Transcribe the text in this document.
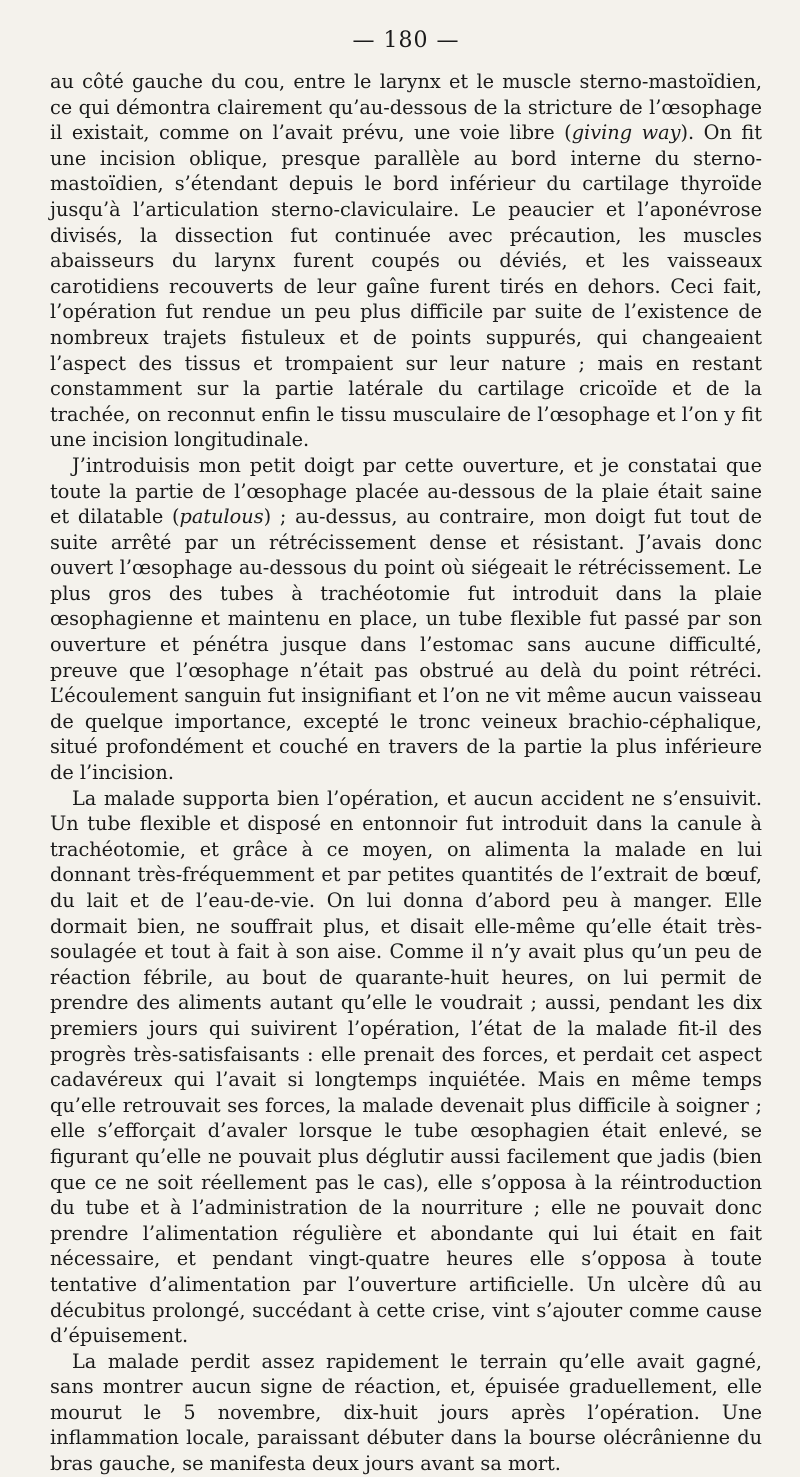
— 180 —

au côté gauche du cou, entre le larynx et le muscle sterno-mastoïdien, ce qui démontra clairement qu’au-dessous de la stricture de l’œsophage il existait, comme on l’avait prévu, une voie libre (giving way). On fit une incision oblique, presque parallèle au bord interne du sterno-mastoïdien, s’étendant depuis le bord inférieur du cartilage thyroïde jusqu’à l’articulation sterno-claviculaire. Le peaucier et l’aponévrose divisés, la dissection fut continuée avec précaution, les muscles abaisseurs du larynx furent coupés ou déviés, et les vaisseaux carotidiens recouverts de leur gaîne furent tirés en dehors. Ceci fait, l’opération fut rendue un peu plus difficile par suite de l’existence de nombreux trajets fistuleux et de points suppurés, qui changeaient l’aspect des tissus et trompaient sur leur nature ; mais en restant constamment sur la partie latérale du cartilage cricoïde et de la trachée, on reconnut enfin le tissu musculaire de l’œsophage et l’on y fit une incision longitudinale.

J’introduisis mon petit doigt par cette ouverture, et je constatai que toute la partie de l’œsophage placée au-dessous de la plaie était saine et dilatable (patulous) ; au-dessus, au contraire, mon doigt fut tout de suite arrêté par un rétrécissement dense et résistant. J’avais donc ouvert l’œsophage au-dessous du point où siégeait le rétrécissement. Le plus gros des tubes à trachéotomie fut introduit dans la plaie œsophagienne et maintenu en place, un tube flexible fut passé par son ouverture et pénétra jusque dans l’estomac sans aucune difficulté, preuve que l’œsophage n’était pas obstrué au delà du point rétréci. L’écoulement sanguin fut insignifiant et l’on ne vit même aucun vaisseau de quelque importance, excepté le tronc veineux brachio-céphalique, situé profondément et couché en travers de la partie la plus inférieure de l’incision.

La malade supporta bien l’opération, et aucun accident ne s’ensuivit. Un tube flexible et disposé en entonnoir fut introduit dans la canule à trachéotomie, et grâce à ce moyen, on alimenta la malade en lui donnant très-fréquemment et par petites quantités de l’extrait de bœuf, du lait et de l’eau-de-vie. On lui donna d’abord peu à manger. Elle dormait bien, ne souffrait plus, et disait elle-même qu’elle était très-soulagée et tout à fait à son aise. Comme il n’y avait plus qu’un peu de réaction fébrile, au bout de quarante-huit heures, on lui permit de prendre des aliments autant qu’elle le voudrait ; aussi, pendant les dix premiers jours qui suivirent l’opération, l’état de la malade fit-il des progrès très-satisfaisants : elle prenait des forces, et perdait cet aspect cadavéreux qui l’avait si longtemps inquiétée. Mais en même temps qu’elle retrouvait ses forces, la malade devenait plus difficile à soigner ; elle s’efforçait d’avaler lorsque le tube œsophagien était enlevé, se figurant qu’elle ne pouvait plus déglutir aussi facilement que jadis (bien que ce ne soit réellement pas le cas), elle s’opposa à la réintroduction du tube et à l’administration de la nourriture ; elle ne pouvait donc prendre l’alimentation régulière et abondante qui lui était en fait nécessaire, et pendant vingt-quatre heures elle s’opposa à toute tentative d’alimentation par l’ouverture artificielle. Un ulcère dû au décubitus prolongé, succédant à cette crise, vint s’ajouter comme cause d’épuisement.

La malade perdit assez rapidement le terrain qu’elle avait gagné, sans montrer aucun signe de réaction, et, épuisée graduellement, elle mourut le 5 novembre, dix-huit jours après l’opération. Une inflammation locale, paraissant débuter dans la bourse olécrânienne du bras gauche, se manifesta deux jours avant sa mort.
